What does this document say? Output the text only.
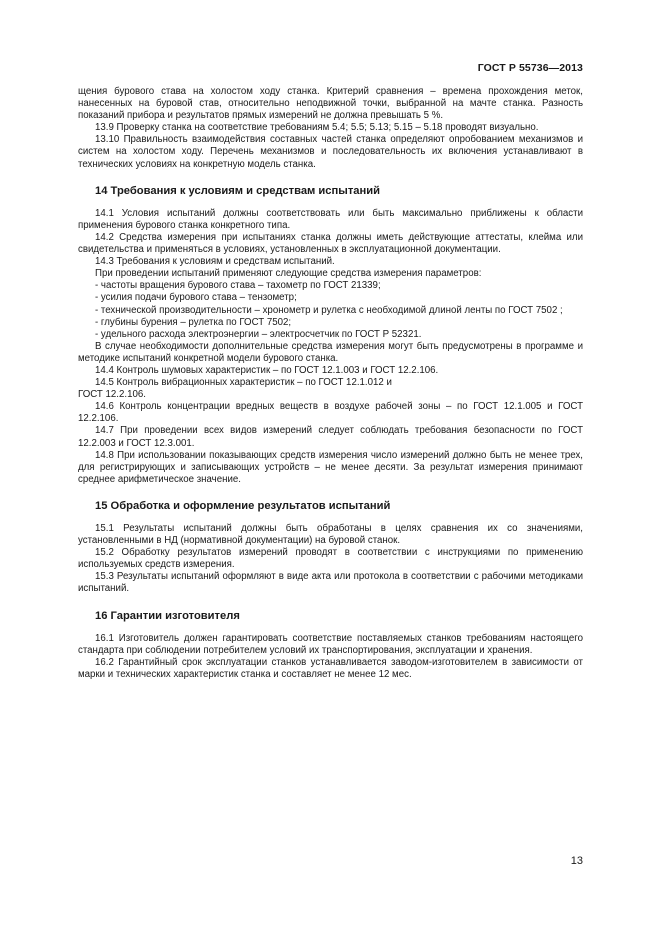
ГОСТ Р 55736—2013

щения бурового става на холостом ходу станка. Критерий сравнения – времена прохождения меток, нанесенных на буровой став, относительно неподвижной точки, выбранной на мачте станка. Разность показаний прибора и результатов прямых измерений не должна превышать 5 %.

13.9 Проверку станка на соответствие требованиям 5.4; 5.5; 5.13; 5.15 – 5.18 проводят визуально.

13.10 Правильность взаимодействия составных частей станка определяют опробованием механизмов и систем на холостом ходу. Перечень механизмов и последовательность их включения устанавливают в технических условиях на конкретную модель станка.

14 Требования к условиям и средствам испытаний

14.1 Условия испытаний должны соответствовать или быть максимально приближены к области применения бурового станка конкретного типа.

14.2 Средства измерения при испытаниях станка должны иметь действующие аттестаты, клейма или свидетельства и применяться в условиях, установленных в эксплуатационной документации.

14.3 Требования к условиям и средствам испытаний.

При проведении испытаний применяют следующие средства измерения параметров:

- частоты вращения бурового става – тахометр по ГОСТ 21339;

- усилия подачи бурового става – тензометр;

- технической производительности – хронометр и рулетка с необходимой длиной ленты по ГОСТ 7502 ;

- глубины бурения – рулетка по ГОСТ 7502;

- удельного расхода электроэнергии – электросчетчик по ГОСТ Р 52321.

В случае необходимости дополнительные средства измерения могут быть предусмотрены в программе и методике испытаний конкретной модели бурового станка.

14.4 Контроль шумовых характеристик – по ГОСТ 12.1.003 и ГОСТ 12.2.106.

14.5 Контроль вибрационных характеристик – по ГОСТ 12.1.012 и

ГОСТ 12.2.106.

14.6 Контроль концентрации вредных веществ в воздухе рабочей зоны – по ГОСТ 12.1.005 и ГОСТ 12.2.106.

14.7 При проведении всех видов измерений следует соблюдать требования безопасности по ГОСТ 12.2.003 и ГОСТ 12.3.001.

14.8 При использовании показывающих средств измерения число измерений должно быть не менее трех, для регистрирующих и записывающих устройств – не менее десяти. За результат измерения принимают среднее арифметическое значение.

15 Обработка и оформление результатов испытаний

15.1 Результаты испытаний должны быть обработаны в целях сравнения их со значениями, установленными в НД (нормативной документации) на буровой станок.

15.2 Обработку результатов измерений проводят в соответствии с инструкциями по применению используемых средств измерения.

15.3 Результаты испытаний оформляют в виде акта или протокола в соответствии с рабочими методиками испытаний.

16 Гарантии изготовителя

16.1 Изготовитель должен гарантировать соответствие поставляемых станков требованиям настоящего стандарта при соблюдении потребителем условий их транспортирования, эксплуатации и хранения.

16.2 Гарантийный срок эксплуатации станков устанавливается заводом-изготовителем в зависимости от марки и технических характеристик станка и составляет не менее 12 мес.

13
